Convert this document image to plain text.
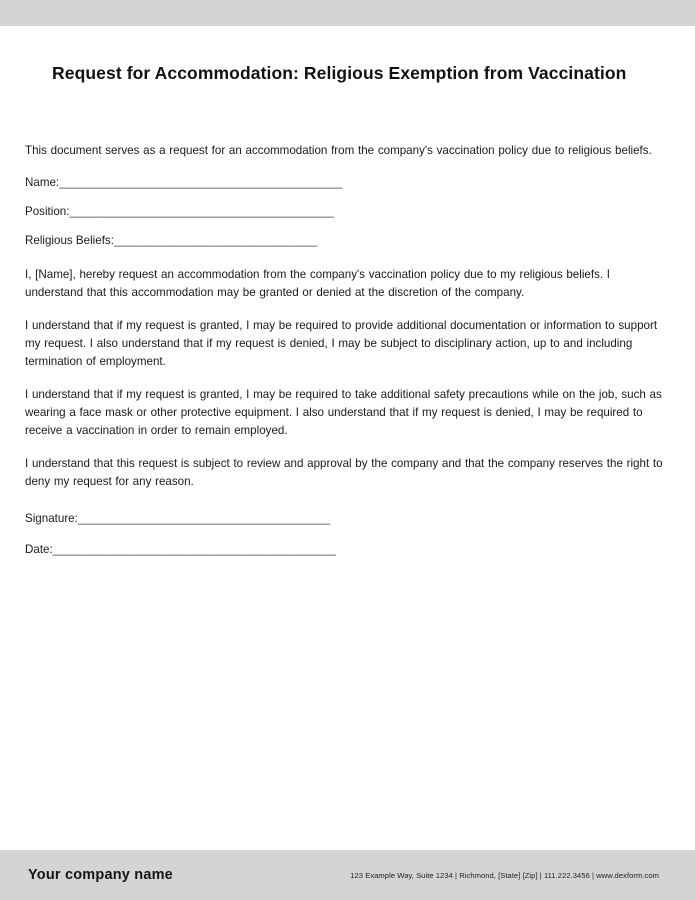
Request for Accommodation: Religious Exemption from Vaccination

This document serves as a request for an accommodation from the company's vaccination policy due to religious beliefs.

Name:______________________________________________
Position:___________________________________________
Religious Beliefs:_________________________________

I, [Name], hereby request an accommodation from the company's vaccination policy due to my religious beliefs. I understand that this accommodation may be granted or denied at the discretion of the company.

I understand that if my request is granted, I may be required to provide additional documentation or information to support my request. I also understand that if my request is denied, I may be subject to disciplinary action, up to and including termination of employment.

I understand that if my request is granted, I may be required to take additional safety precautions while on the job, such as wearing a face mask or other protective equipment. I also understand that if my request is denied, I may be required to receive a vaccination in order to remain employed.

I understand that this request is subject to review and approval by the company and that the company reserves the right to deny my request for any reason.

Signature:_________________________________________
Date:______________________________________________
Your company name	123 Example Way, Suite 1234 | Richmond, [State] [Zip] | 111.222.3456 | www.dexform.com
